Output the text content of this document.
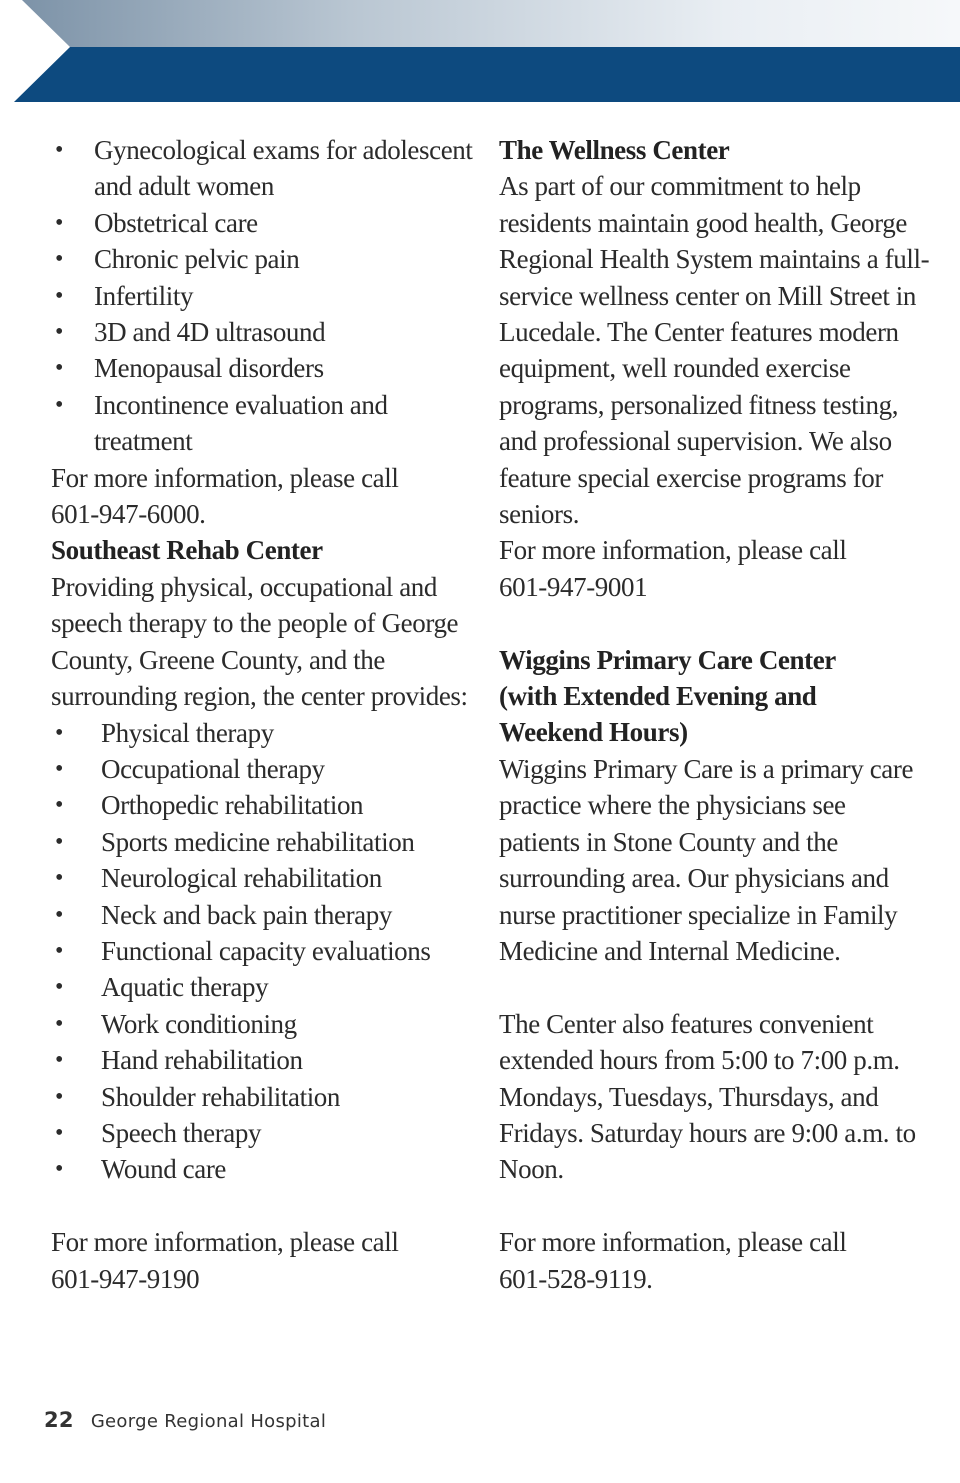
• Gynecological exams for adolescent and adult women
• Obstetrical care
• Chronic pelvic pain
• Infertility
• 3D and 4D ultrasound
• Menopausal disorders
• Incontinence evaluation and treatment

For more information, please call 601-947-6000.

Southeast Rehab Center

Providing physical, occupational and speech therapy to the people of George County, Greene County, and the surrounding region, the center provides:

• Physical therapy
• Occupational therapy
• Orthopedic rehabilitation
• Sports medicine rehabilitation
• Neurological rehabilitation
• Neck and back pain therapy
• Functional capacity evaluations
• Aquatic therapy
• Work conditioning
• Hand rehabilitation
• Shoulder rehabilitation
• Speech therapy
• Wound care

For more information, please call

601-947-9190

The Wellness Center

As part of our commitment to help residents maintain good health, George Regional Health System maintains a full-service wellness center on Mill Street in Lucedale. The Center features modern equipment, well rounded exercise programs, personalized fitness testing, and professional supervision. We also feature special exercise programs for seniors.

For more information, please call

601-947-9001

Wiggins Primary Care Center (with Extended Evening and Weekend Hours)

Wiggins Primary Care is a primary care practice where the physicians see patients in Stone County and the surrounding area. Our physicians and nurse practitioner specialize in Family Medicine and Internal Medicine.

The Center also features convenient extended hours from 5:00 to 7:00 p.m. Mondays, Tuesdays, Thursdays, and Fridays. Saturday hours are 9:00 a.m. to Noon.

For more information, please call 601-528-9119.

22 George Regional Hospital
